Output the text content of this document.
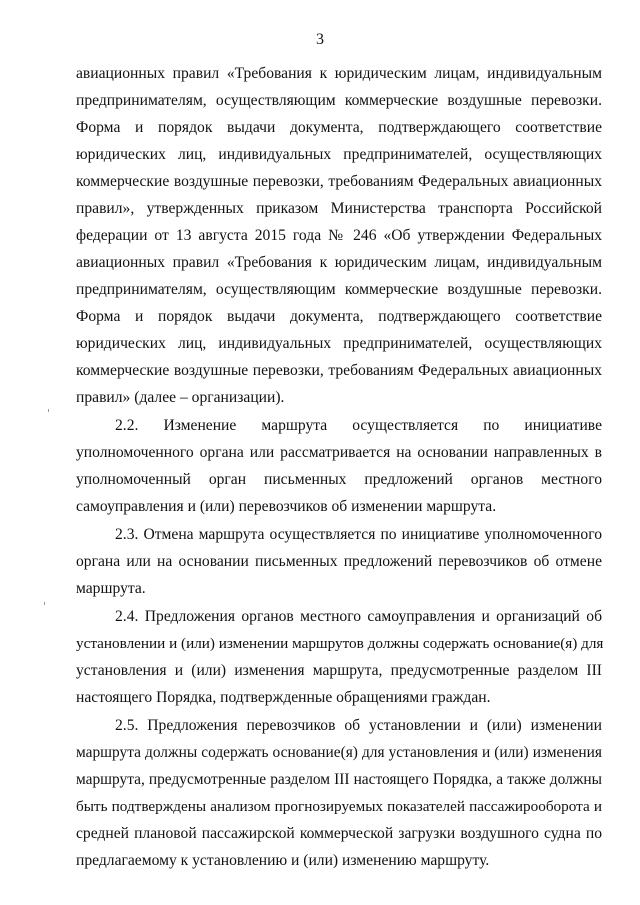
3
авиационных правил «Требования к юридическим лицам, индивидуальным
предпринимателям, осуществляющим коммерческие воздушные перевозки.
Форма и порядок выдачи документа, подтверждающего соответствие
юридических лиц, индивидуальных предпринимателей, осуществляющих
коммерческие воздушные перевозки, требованиям Федеральных авиационных
правил», утвержденных приказом Министерства транспорта Российской
федерации от 13 августа 2015 года № 246 «Об утверждении Федеральных
авиационных правил «Требования к юридическим лицам, индивидуальным
предпринимателям, осуществляющим коммерческие воздушные перевозки.
Форма и порядок выдачи документа, подтверждающего соответствие
юридических лиц, индивидуальных предпринимателей, осуществляющих
коммерческие воздушные перевозки, требованиям Федеральных авиационных
правил» (далее – организации).
2.2. Изменение маршрута осуществляется по инициативе
уполномоченного органа или рассматривается на основании направленных в
уполномоченный орган письменных предложений органов местного
самоуправления и (или) перевозчиков об изменении маршрута.
2.3. Отмена маршрута осуществляется по инициативе уполномоченного
органа или на основании письменных предложений перевозчиков об отмене
маршрута.
2.4. Предложения органов местного самоуправления и организаций об
установлении и (или) изменении маршрутов должны содержать основание(я) для
установления и (или) изменения маршрута, предусмотренные разделом III
настоящего Порядка, подтвержденные обращениями граждан.
2.5. Предложения перевозчиков об установлении и (или) изменении
маршрута должны содержать основание(я) для установления и (или) изменения
маршрута, предусмотренные разделом III настоящего Порядка, а также должны
быть подтверждены анализом прогнозируемых показателей пассажирооборота и
средней плановой пассажирской коммерческой загрузки воздушного судна по
предлагаемому к установлению и (или) изменению маршруту.
